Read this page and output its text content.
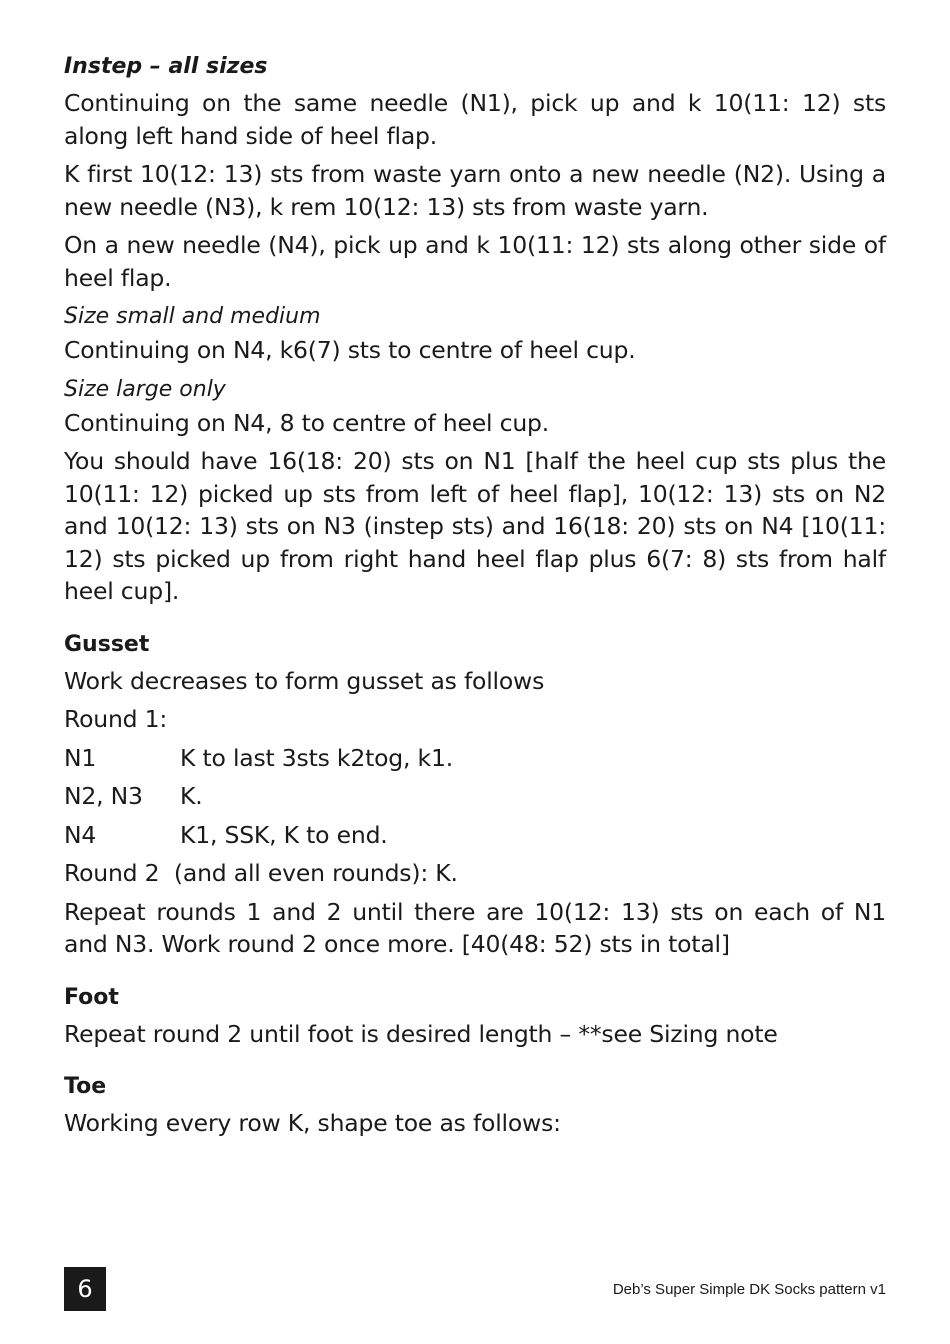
Instep – all sizes

Continuing on the same needle (N1), pick up and k 10(11: 12) sts along left hand side of heel flap.

K first 10(12: 13) sts from waste yarn onto a new needle (N2). Using a new needle (N3), k rem 10(12: 13) sts from waste yarn.

On a new needle (N4), pick up and k 10(11: 12) sts along other side of heel flap.

Size small and medium

Continuing on N4, k6(7) sts to centre of heel cup.

Size large only

Continuing on N4, 8 to centre of heel cup.

You should have 16(18: 20) sts on N1 [half the heel cup sts plus the 10(11: 12) picked up sts from left of heel flap], 10(12: 13) sts on N2 and 10(12: 13) sts on N3 (instep sts) and 16(18: 20) sts on N4 [10(11: 12) sts picked up from right hand heel flap plus 6(7: 8) sts from half heel cup].

Gusset

Work decreases to form gusset as follows

Round 1:

N1	K to last 3sts k2tog, k1.
N2, N3	K.
N4	K1, SSK, K to end.

Round 2  (and all even rounds): K.

Repeat rounds 1 and 2 until there are 10(12: 13) sts on each of N1 and N3. Work round 2 once more. [40(48: 52) sts in total]

Foot

Repeat round 2 until foot is desired length – **see Sizing note

Toe

Working every row K, shape toe as follows:

6	Deb’s Super Simple DK Socks pattern v1
